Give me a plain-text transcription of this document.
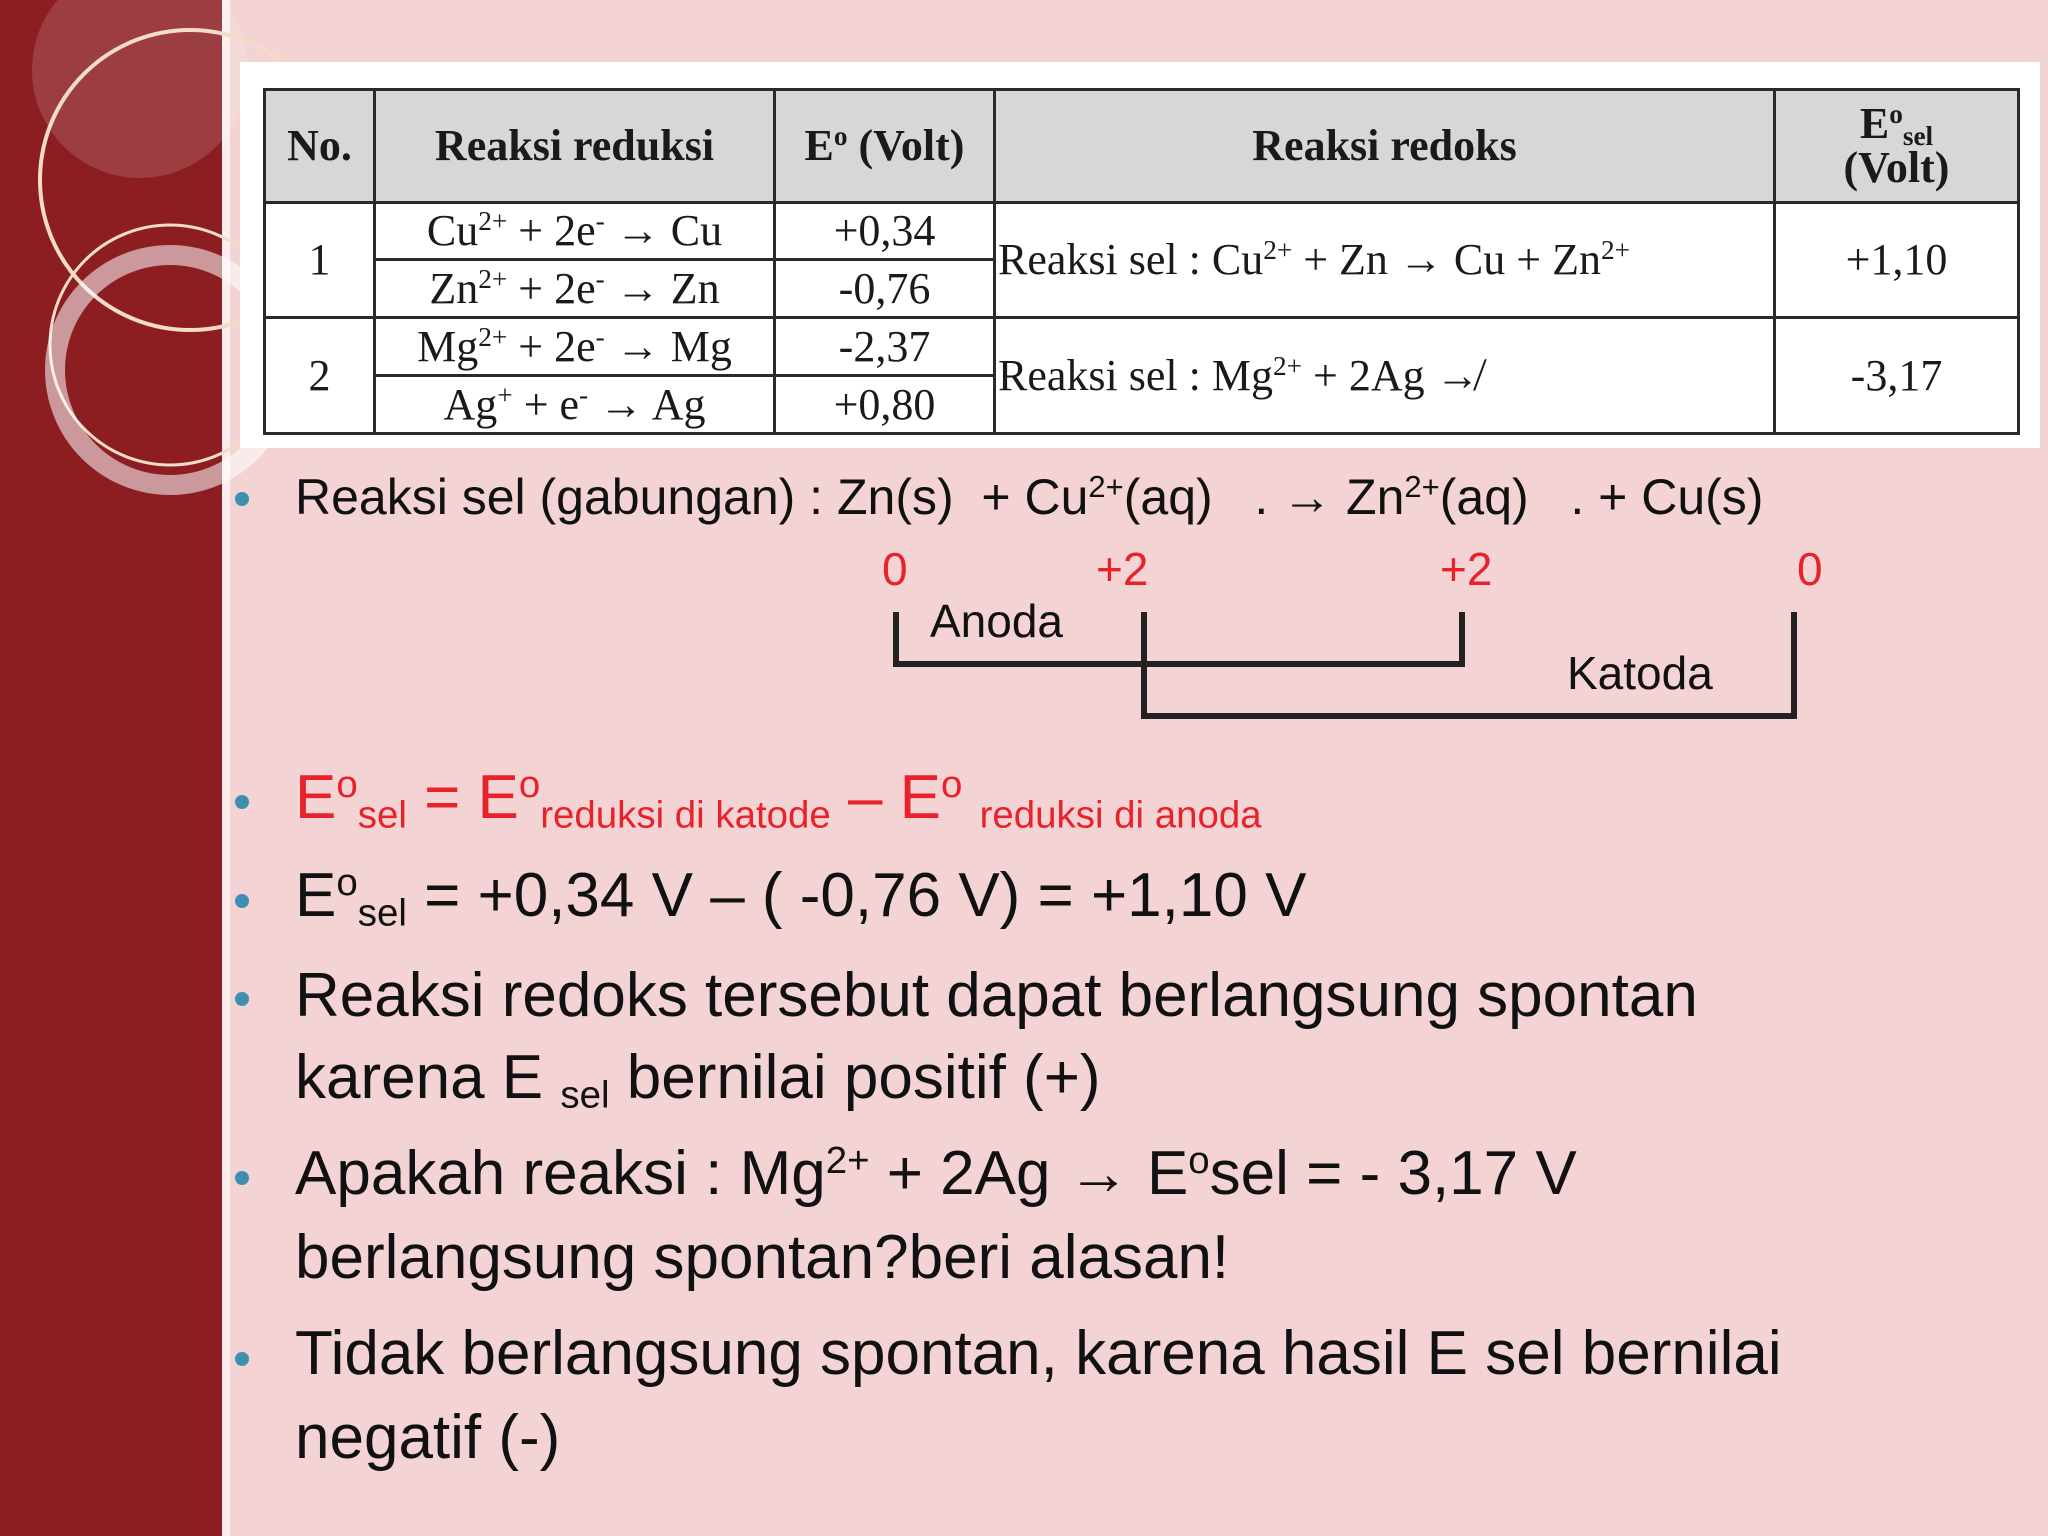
No.	Reaksi reduksi	$E^o$ (Volt)	Reaksi redoks	$E^o_{sel}$
(Volt)
1	$Cu^{2+} + 2e^- \to Cu$	+0,34	Reaksi sel : $Cu^{2+} + Zn \to Cu + Zn^{2+}$	+1,10
	$Zn^{2+} + 2e^- \to Zn$	-0,76		
2	$Mg^{2+} + 2e^- \to Mg$	-2,37	Reaksi sel : $Mg^{2+} + 2Ag$ ↛	-3,17
	Ag+ + e- → Ag	+0,80		
Reaksi sel (gabungan) : $Zn(s) + Cu^{2+}(aq)$   . → $Zn^{2+}(aq)$   . + Cu(s)
0	+2	+2	0
Anoda
Katoda
$E^o_{sel} = E^o_{reduksi di katode} - E^o$ $_{reduksi di anoda}$
$E^o_{sel} = +0,34$ V – ( -0,76 V) = +1,10 V
Reaksi redoks tersebut dapat berlangsung spontan
karena E $_{sel}$ bernilai positif (+)
Apakah reaksi : $Mg^{2+} + 2Ag \to E^osel$ = - 3,17 V
berlangsung spontan?beri alasan!
Tidak berlangsung spontan, karena hasil E sel bernilai
negatif (-)
